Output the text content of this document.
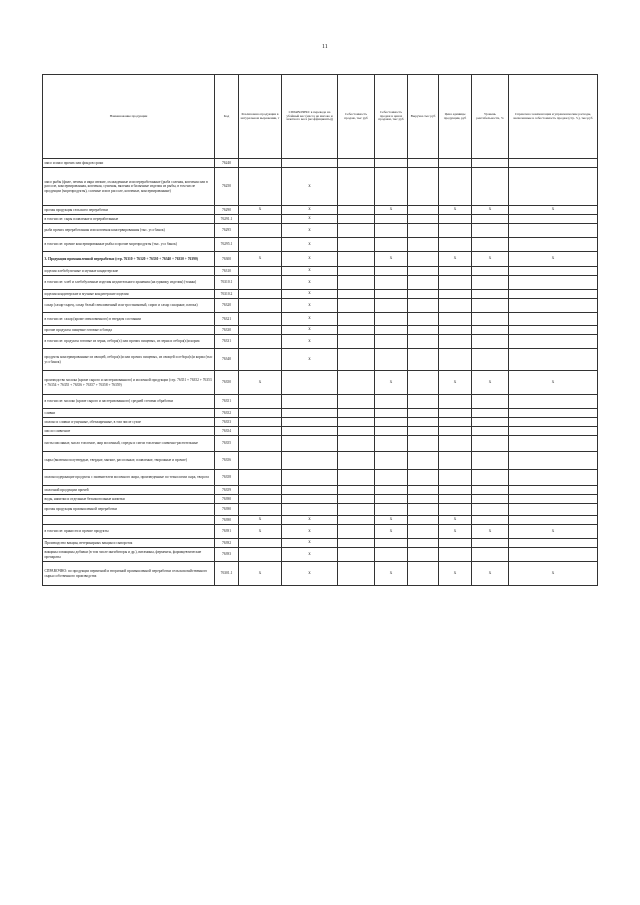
11
Наименование продукции	Код	Реализовано продукции в натуральном выражении, т	СПРАВОЧНО: в переводе на убойный вес (масса на мясоко и зачетного веса (коэффициенты))	Себестоимость продаж, тыс руб	Себестоимость продаж в ценах продажи, тыс руб	Выручка тыс руб	Цена единицы продукции, руб	Уровень рентабельности, %	Справочно: компенсация и управленческие расходы, включенные в себестоимость продаж (стр. 5.), тыс.руб
мясо и мясо прочих или фондов сроки	76240								
мясо рыбы (филе, печень и икра свежие, охлажденные или переработанные (рыба соленая, копченая или в рассоле, консервированная, копченая, сушеная, вяленая и балычные изделия из рыбы, в том числе продукции (морепродукты), соленые или в рассоле, копченые, консервированные)	76250		x						
прочая продукция сельского переработки	76290	x	x		x		x	x	x
в том числе: сыры плавленые и переработанные	76291.1		x						
рыба прочих переработанная или копченая консервированная (тыс. усл банок)	76295		x						
в том числе: прочие консервированные рыбы и прочие морепродукты (тыс. усл банок)	76295.1		x						
3. Продукция промышленной переработки (стр. 76310 + 76320 + 76330 + 76340 + 76350 + 76390)	76300	x	x		x		x	x	x
изделия хлебобулочные и мучные кондитерские	76310		x						
в том числе: хлеб и хлебобулочные изделия недлительного хранения (на единицу изделия) (тонны)	76310.1		x						
изделия кондитерские и мучные кондитерские изделия	76310.2		x						
сахар (сахар-сырец, сахар белый свекловичный или тростниковый, сироп и сахар сахарные, патока)	76320		x						
в том числе: сахар (кроме свекловичного) в твердом состоянии	76321		x						
прочие продукты пищевые готовые и блюда	76330		x						
в том числе: продукты готовые из зерна, отбора(х) или прочих пищевых, из зерна и отбора(х)и корма	76331		x						
продукты консервированные из овощей, отбора(х)и или прочих пищевых, из овощей и отбора(х)и корма (тыс усл банок)	76340		x						
производство молока (кроме сырого и пастеризованного) и молочной продукции (стр. 76351 + 76352 + 76353 + 76354 + 76355 + 76356 + 76357 + 76358 + 76359)	76350	x			x		x	x	x
в том числе: молоко (кроме сырого и пастеризованного) средней степени обработки	76351								
сливки	76352								
молоко и сливки сгущенные, обезжиренные, в том числе сухие	76353								
масло сливочное	76354								
пасты масляные, масло топленое, жир молочный, спреды и смеси топленые сливочно-растительные	76355								
сыры (включая полутвердые, твердые, мягкие, рассольные, плавленые, творожные и прочие)	76356								
молокосодержащие продукты с заменителем молочного жира, произведенные по технологии сыра, творога	76358								
молочной продукции прочей	76359								
воды, напитки и отдельные безалкогольные напитки	76390								
прочая продукция промышленной переработки	76390								
	76390	x	x		x		x		
в том числе: пряности и прочие продукты	76391	x	x		x		x	x	x
Производство вакцин, ветеринарных вакцин и сывороток	76392		x						
вакцины и вакцины добавки (в том числе ингибиторы и др.), витамины, ферменты, фармацевтические препараты	76393		x						
СПРАВОЧНО: по продукции первичной и вторичной промышленной переработки сельскохозяйственного сырья собственного производства	76301.1	x	x		x		x	x	x
